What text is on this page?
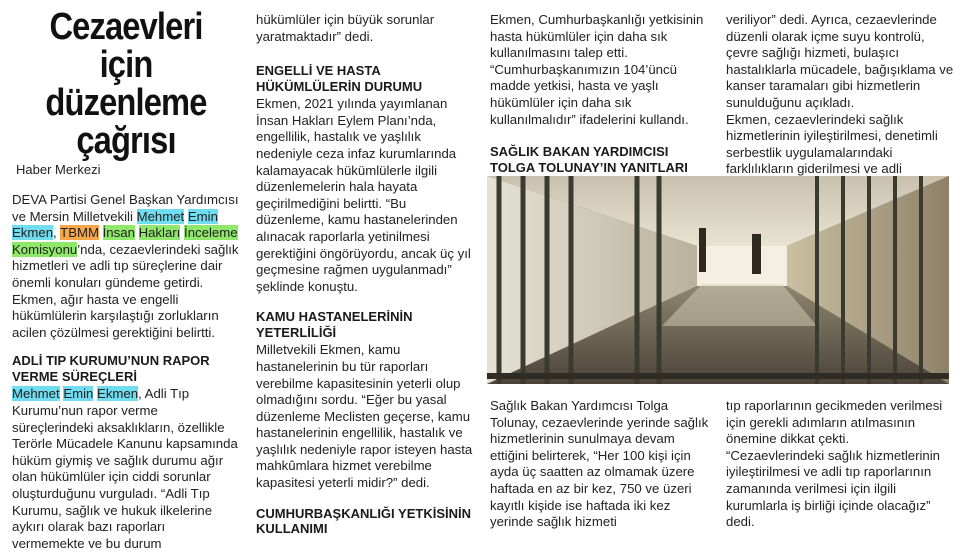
Cezaevleri için
düzenleme
çağrısı
Haber Merkezi

DEVA Partisi Genel Başkan Yardımcısı ve Mersin Milletvekili Mehmet Emin Ekmen, TBMM İnsan Hakları İnceleme Komisyonu’nda, cezaevlerindeki sağlık hizmetleri ve adli tıp süreçlerine dair önemli konuları gündeme getirdi. Ekmen, ağır hasta ve engelli hükümlülerin karşılaştığı zorlukların acilen çözülmesi gerektiğini belirtti.

ADLİ TIP KURUMU’NUN RAPOR VERME SÜREÇLERİ

Mehmet Emin Ekmen, Adli Tıp Kurumu’nun rapor verme süreçlerindeki aksaklıkların, özellikle Terörle Mücadele Kanunu kapsamında hüküm giymiş ve sağlık durumu ağır olan hükümlüler için ciddi sorunlar oluşturduğunu vurguladı. “Adli Tıp Kurumu, sağlık ve hukuk ilkelerine aykırı olarak bazı raporları vermemekte ve bu durum

hükümlüler için büyük sorunlar yaratmaktadır” dedi.

ENGELLİ VE HASTA HÜKÜMLÜLERİN DURUMU

Ekmen, 2021 yılında yayımlanan İnsan Hakları Eylem Planı’nda, engellilik, hastalık ve yaşlılık nedeniyle ceza infaz kurumlarında kalamayacak hükümlülerle ilgili düzenlemelerin hala hayata geçirilmediğini belirtti. “Bu düzenleme, kamu hastanelerinden alınacak raporlarla yetinilmesi gerektiğini öngörüyordu, ancak üç yıl geçmesine rağmen uygulanmadı” şeklinde konuştu.

KAMU HASTANELERİNİN YETERLİLİĞİ

Milletvekili Ekmen, kamu hastanelerinin bu tür raporları verebilme kapasitesinin yeterli olup olmadığını sordu. “Eğer bu yasal düzenleme Meclisten geçerse, kamu hastanelerinin engellilik, hastalık ve yaşlılık nedeniyle rapor isteyen hasta mahkûmlara hizmet verebilme kapasitesi yeterli midir?” dedi.

CUMHURBAŞKANLIĞI YETKİSİNİN KULLANIMI

Ekmen, Cumhurbaşkanlığı yetkisinin hasta hükümlüler için daha sık kullanılmasını talep etti. “Cumhurbaşkanımızın 104’üncü madde yetkisi, hasta ve yaşlı hükümlüler için daha sık kullanılmalıdır” ifadelerini kullandı.

SAĞLIK BAKAN YARDIMCISI TOLGA TOLUNAY’IN YANITLARI

veriliyor” dedi. Ayrıca, cezaevlerinde düzenli olarak içme suyu kontrolü, çevre sağlığı hizmeti, bulaşıcı hastalıklarla mücadele, bağışıklama ve kanser taramaları gibi hizmetlerin sunulduğunu açıkladı.

Ekmen, cezaevlerindeki sağlık hizmetlerinin iyileştirilmesi, denetimli serbestlik uygulamalarındaki farklılıkların giderilmesi ve adli

Sağlık Bakan Yardımcısı Tolga Tolunay, cezaevlerinde yerinde sağlık hizmetlerinin sunulmaya devam ettiğini belirterek, “Her 100 kişi için ayda üç saatten az olmamak üzere haftada en az bir kez, 750 ve üzeri kayıtlı kişide ise haftada iki kez yerinde sağlık hizmeti

tıp raporlarının gecikmeden verilmesi için gerekli adımların atılmasının önemine dikkat çekti.

“Cezaevlerindeki sağlık hizmetlerinin iyileştirilmesi ve adli tıp raporlarının zamanında verilmesi için ilgili kurumlarla iş birliği içinde olacağız” dedi.
